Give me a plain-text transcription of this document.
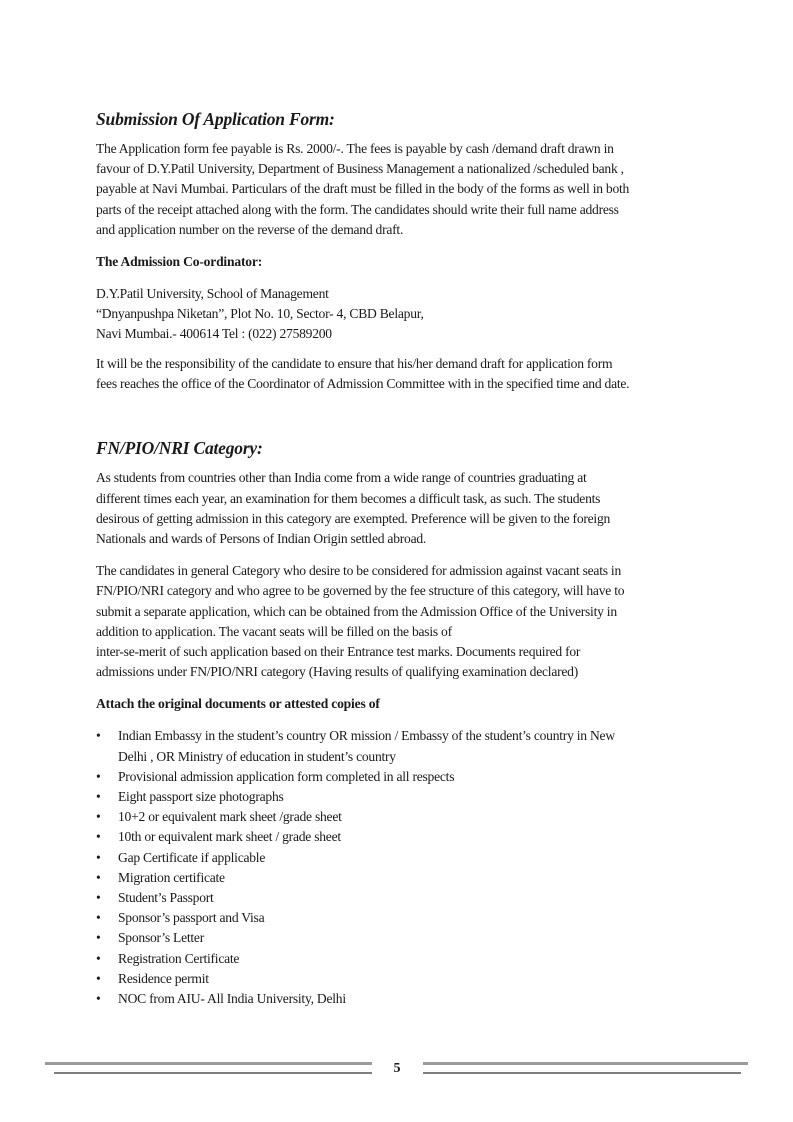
Submission Of Application Form:

The Application form fee payable is Rs. 2000/-. The fees is payable by cash /demand draft drawn in
favour of D.Y.Patil University, Department of Business Management a nationalized /scheduled bank ,
payable at Navi Mumbai. Particulars of the draft must be filled in the body of the forms as well in both
parts of the receipt attached along with the form. The candidates should write their full name address
and application number on the reverse of the demand draft.

The Admission Co-ordinator:
D.Y.Patil University, School of Management
“Dnyanpushpa Niketan”, Plot No. 10, Sector- 4, CBD Belapur,
Navi Mumbai.- 400614 Tel : (022) 27589200

It will be the responsibility of the candidate to ensure that his/her demand draft for application form
fees reaches the office of the Coordinator of Admission Committee with in the specified time and date.

FN/PIO/NRI Category:

As students from countries other than India come from a wide range of countries graduating at
different times each year, an examination for them becomes a difficult task, as such. The students
desirous of getting admission in this category are exempted. Preference will be given to the foreign
Nationals and wards of Persons of Indian Origin settled abroad.

The candidates in general Category who desire to be considered for admission against vacant seats in
FN/PIO/NRI category and who agree to be governed by the fee structure of this category, will have to
submit a separate application, which can be obtained from the Admission Office of the University in
addition to application. The vacant seats will be filled on the basis of
inter-se-merit of such application based on their Entrance test marks. Documents required for
admissions under FN/PIO/NRI category (Having results of qualifying examination declared)

Attach the original documents or attested copies of
• Indian Embassy in the student’s country OR mission / Embassy of the student’s country in New
Delhi , OR Ministry of education in student’s country
• Provisional admission application form completed in all respects
• Eight passport size photographs
• 10+2 or equivalent mark sheet /grade sheet
• 10th or equivalent mark sheet / grade sheet
• Gap Certificate if applicable
• Migration certificate
• Student’s Passport
• Sponsor’s passport and Visa
• Sponsor’s Letter
• Registration Certificate
• Residence permit
• NOC from AIU- All India University, Delhi
5
